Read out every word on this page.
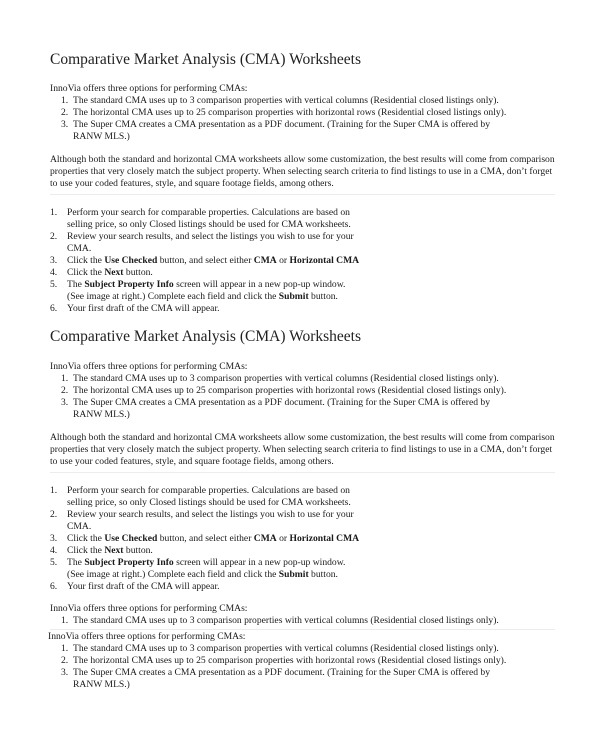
Comparative Market Analysis (CMA) Worksheets
InnoVia offers three options for performing CMAs:
1. The standard CMA uses up to 3 comparison properties with vertical columns (Residential closed listings only).
2. The horizontal CMA uses up to 25 comparison properties with horizontal rows (Residential closed listings only).
3. The Super CMA creates a CMA presentation as a PDF document. (Training for the Super CMA is offered by
RANW MLS.)
Although both the standard and horizontal CMA worksheets allow some customization, the best results will come from comparison properties that very closely match the subject property. When selecting search criteria to find listings to use in a CMA, don’t forget to use your coded features, style, and square footage fields, among others.
1. Perform your search for comparable properties. Calculations are based on
selling price, so only Closed listings should be used for CMA worksheets.
2. Review your search results, and select the listings you wish to use for your
CMA.
3. Click the Use Checked button, and select either CMA or Horizontal CMA
4. Click the Next button.
5. The Subject Property Info screen will appear in a new pop-up window.
(See image at right.) Complete each field and click the Submit button.
6. Your first draft of the CMA will appear.
Comparative Market Analysis (CMA) Worksheets
InnoVia offers three options for performing CMAs:
1. The standard CMA uses up to 3 comparison properties with vertical columns (Residential closed listings only).
2. The horizontal CMA uses up to 25 comparison properties with horizontal rows (Residential closed listings only).
3. The Super CMA creates a CMA presentation as a PDF document. (Training for the Super CMA is offered by
RANW MLS.)
Although both the standard and horizontal CMA worksheets allow some customization, the best results will come from comparison properties that very closely match the subject property. When selecting search criteria to find listings to use in a CMA, don’t forget to use your coded features, style, and square footage fields, among others.
1. Perform your search for comparable properties. Calculations are based on
selling price, so only Closed listings should be used for CMA worksheets.
2. Review your search results, and select the listings you wish to use for your
CMA.
3. Click the Use Checked button, and select either CMA or Horizontal CMA
4. Click the Next button.
5. The Subject Property Info screen will appear in a new pop-up window.
(See image at right.) Complete each field and click the Submit button.
6. Your first draft of the CMA will appear.
InnoVia offers three options for performing CMAs:
1. The standard CMA uses up to 3 comparison properties with vertical columns (Residential closed listings only).
InnoVia offers three options for performing CMAs:
1. The standard CMA uses up to 3 comparison properties with vertical columns (Residential closed listings only).
2. The horizontal CMA uses up to 25 comparison properties with horizontal rows (Residential closed listings only).
3. The Super CMA creates a CMA presentation as a PDF document. (Training for the Super CMA is offered by
RANW MLS.)
